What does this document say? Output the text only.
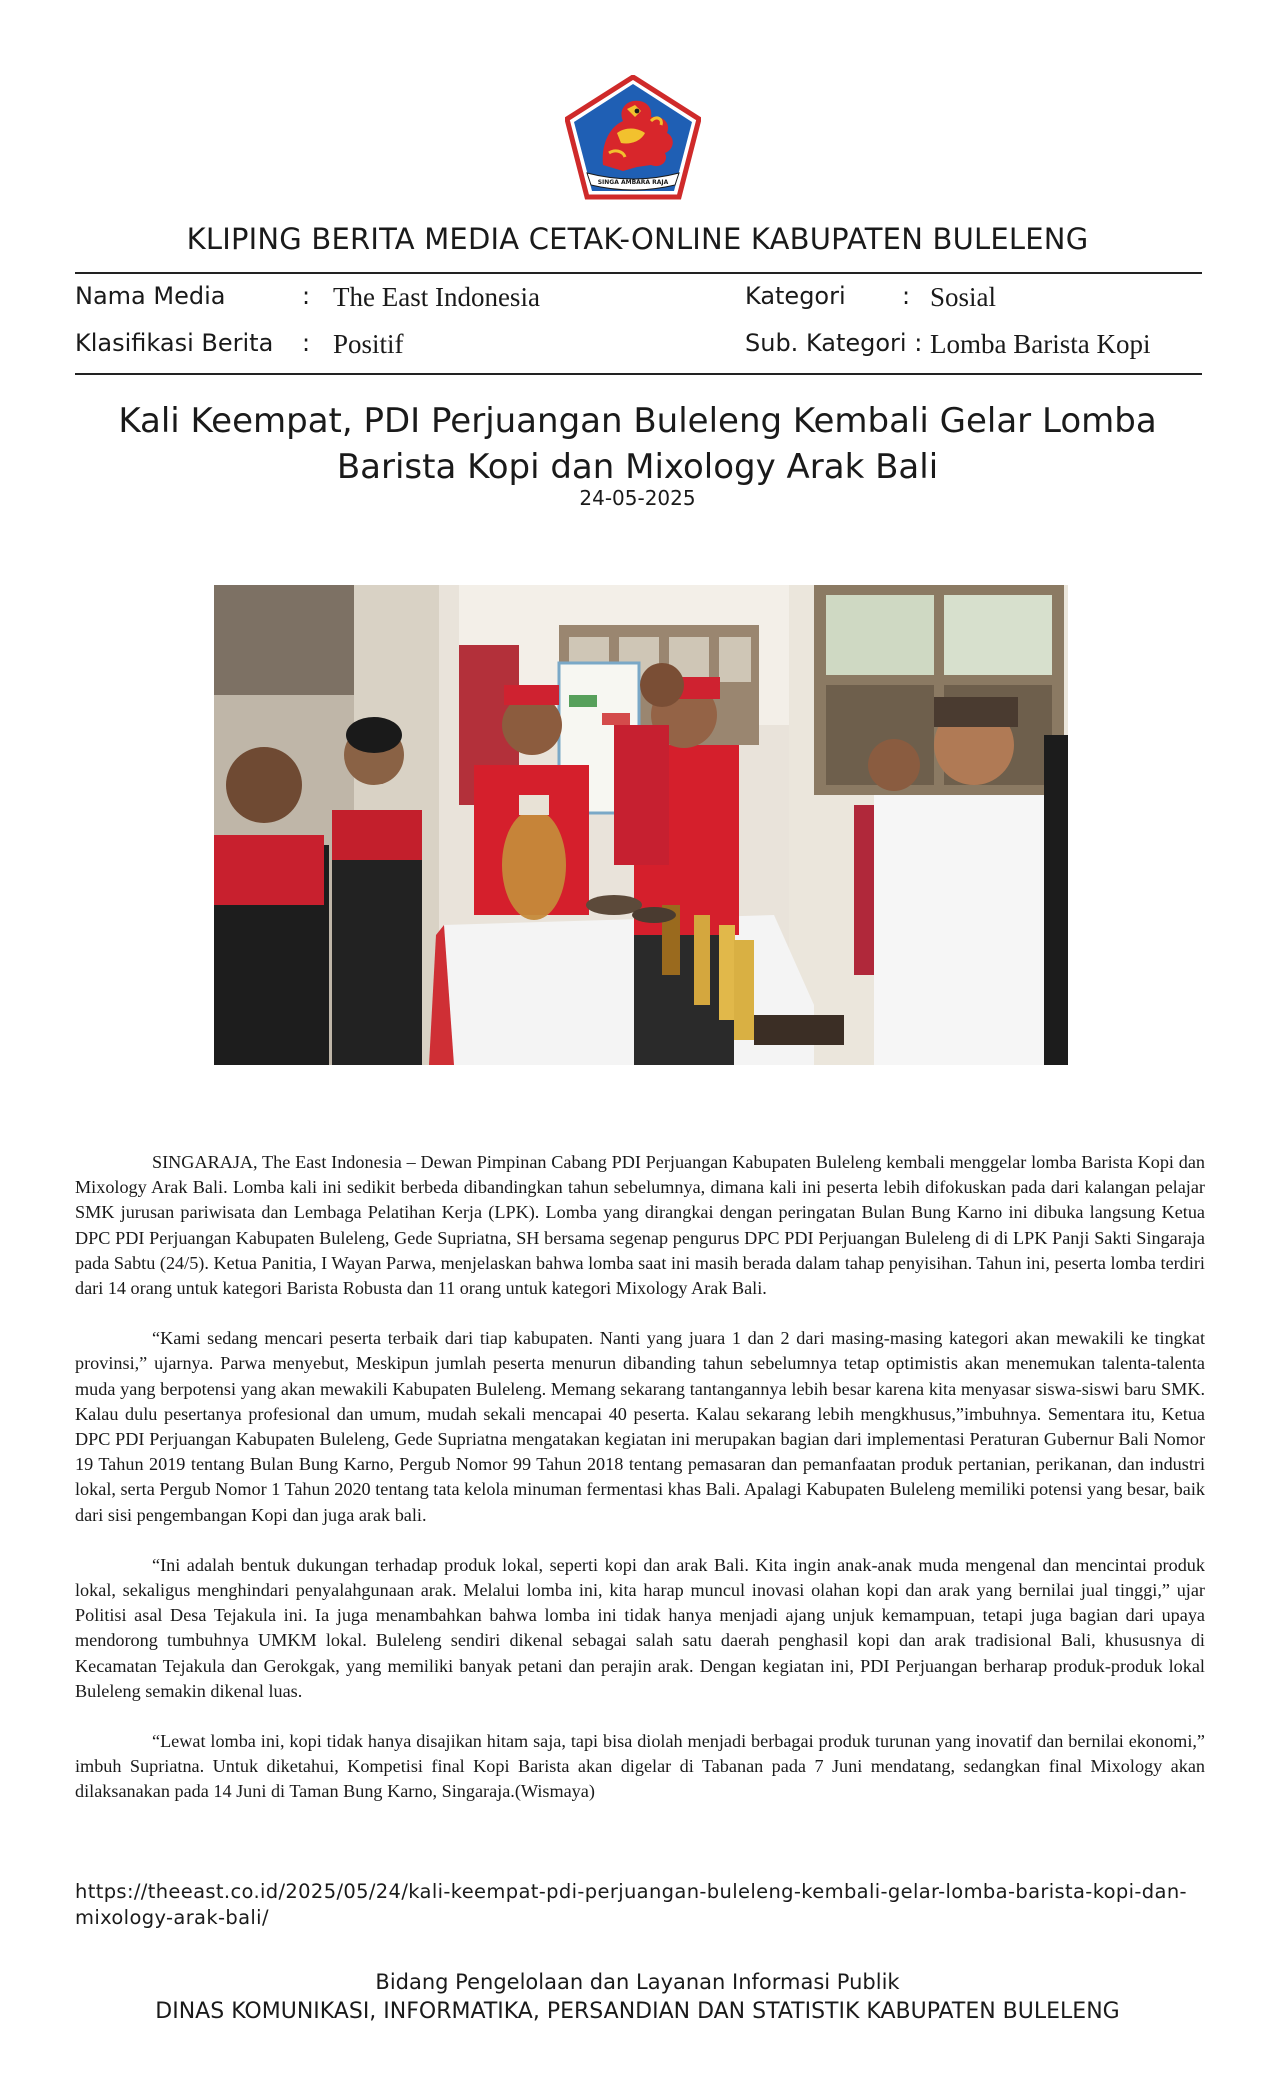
SINGA AMBARA RAJA
KLIPING BERITA MEDIA CETAK-ONLINE KABUPATEN BULELENG
Nama Media	: The East Indonesia	Kategori : Sosial
Klasifikasi Berita : Positif	Sub. Kategori : Lomba Barista Kopi
Kali Keempat, PDI Perjuangan Buleleng Kembali Gelar Lomba Barista Kopi dan Mixology Arak Bali
24-05-2025

SINGARAJA, The East Indonesia – Dewan Pimpinan Cabang PDI Perjuangan Kabupaten Buleleng kembali menggelar lomba Barista Kopi dan Mixology Arak Bali. Lomba kali ini sedikit berbeda dibandingkan tahun sebelumnya, dimana kali ini peserta lebih difokuskan pada dari kalangan pelajar SMK jurusan pariwisata dan Lembaga Pelatihan Kerja (LPK). Lomba yang dirangkai dengan peringatan Bulan Bung Karno ini dibuka langsung Ketua DPC PDI Perjuangan Kabupaten Buleleng, Gede Supriatna, SH bersama segenap pengurus DPC PDI Perjuangan Buleleng di di LPK Panji Sakti Singaraja pada Sabtu (24/5). Ketua Panitia, I Wayan Parwa, menjelaskan bahwa lomba saat ini masih berada dalam tahap penyisihan. Tahun ini, peserta lomba terdiri dari 14 orang untuk kategori Barista Robusta dan 11 orang untuk kategori Mixology Arak Bali.

“Kami sedang mencari peserta terbaik dari tiap kabupaten. Nanti yang juara 1 dan 2 dari masing-masing kategori akan mewakili ke tingkat provinsi,” ujarnya. Parwa menyebut, Meskipun jumlah peserta menurun dibanding tahun sebelumnya tetap optimistis akan menemukan talenta-talenta muda yang berpotensi yang akan mewakili Kabupaten Buleleng. Memang sekarang tantangannya lebih besar karena kita menyasar siswa-siswi baru SMK. Kalau dulu pesertanya profesional dan umum, mudah sekali mencapai 40 peserta. Kalau sekarang lebih mengkhusus,”imbuhnya. Sementara itu, Ketua DPC PDI Perjuangan Kabupaten Buleleng, Gede Supriatna mengatakan kegiatan ini merupakan bagian dari implementasi Peraturan Gubernur Bali Nomor 19 Tahun 2019 tentang Bulan Bung Karno, Pergub Nomor 99 Tahun 2018 tentang pemasaran dan pemanfaatan produk pertanian, perikanan, dan industri lokal, serta Pergub Nomor 1 Tahun 2020 tentang tata kelola minuman fermentasi khas Bali. Apalagi Kabupaten Buleleng memiliki potensi yang besar, baik dari sisi pengembangan Kopi dan juga arak bali.

“Ini adalah bentuk dukungan terhadap produk lokal, seperti kopi dan arak Bali. Kita ingin anak-anak muda mengenal dan mencintai produk lokal, sekaligus menghindari penyalahgunaan arak. Melalui lomba ini, kita harap muncul inovasi olahan kopi dan arak yang bernilai jual tinggi,” ujar Politisi asal Desa Tejakula ini. Ia juga menambahkan bahwa lomba ini tidak hanya menjadi ajang unjuk kemampuan, tetapi juga bagian dari upaya mendorong tumbuhnya UMKM lokal. Buleleng sendiri dikenal sebagai salah satu daerah penghasil kopi dan arak tradisional Bali, khususnya di Kecamatan Tejakula dan Gerokgak, yang memiliki banyak petani dan perajin arak. Dengan kegiatan ini, PDI Perjuangan berharap produk-produk lokal Buleleng semakin dikenal luas.

“Lewat lomba ini, kopi tidak hanya disajikan hitam saja, tapi bisa diolah menjadi berbagai produk turunan yang inovatif dan bernilai ekonomi,” imbuh Supriatna. Untuk diketahui, Kompetisi final Kopi Barista akan digelar di Tabanan pada 7 Juni mendatang, sedangkan final Mixology akan dilaksanakan pada 14 Juni di Taman Bung Karno, Singaraja.(Wismaya)

https://theeast.co.id/2025/05/24/kali-keempat-pdi-perjuangan-buleleng-kembali-gelar-lomba-barista-kopi-dan-mixology-arak-bali/
Bidang Pengelolaan dan Layanan Informasi Publik
DINAS KOMUNIKASI, INFORMATIKA, PERSANDIAN DAN STATISTIK KABUPATEN BULELENG
